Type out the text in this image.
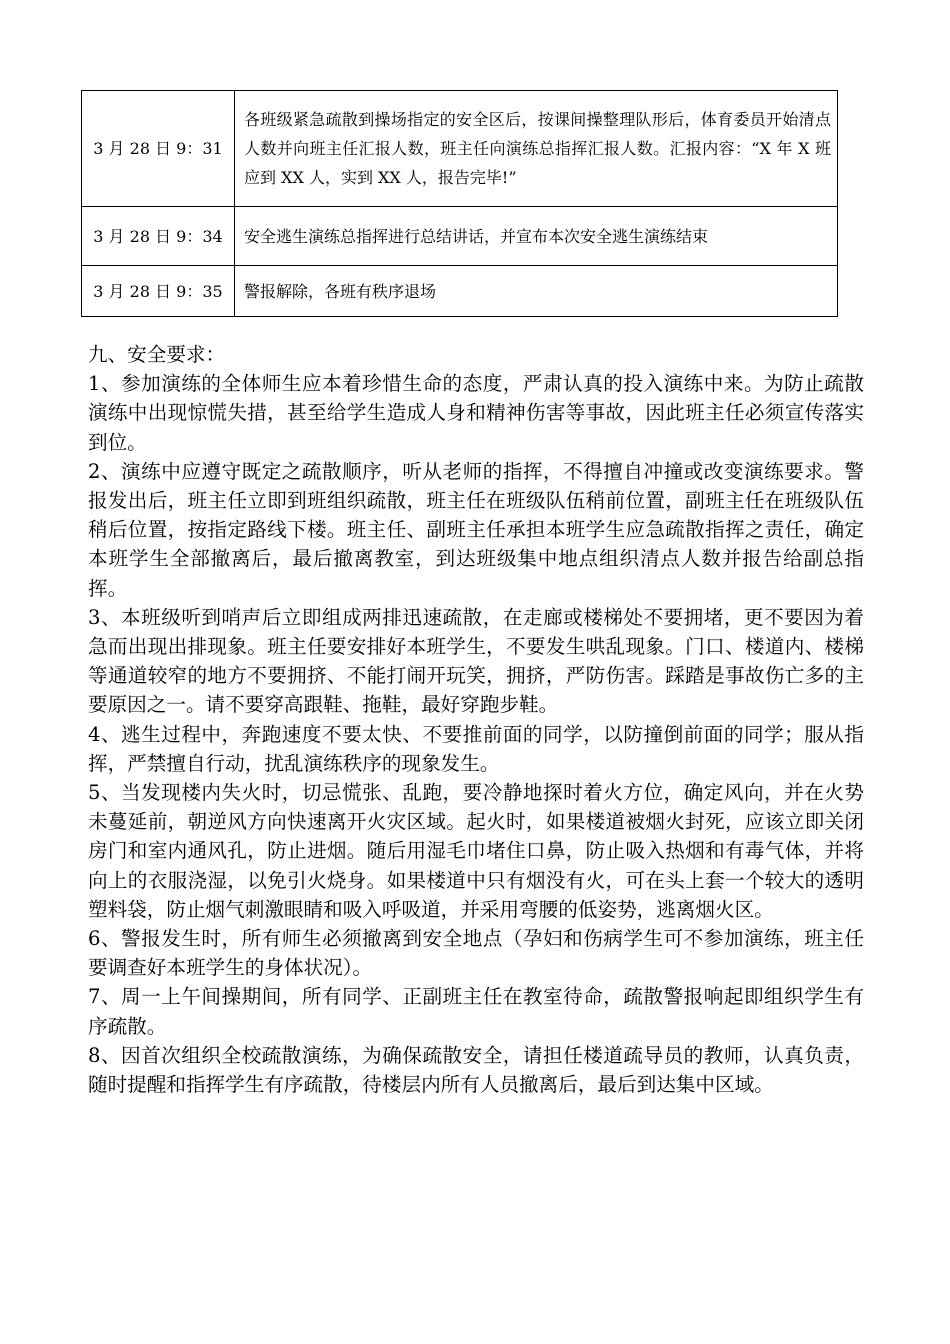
3 月 28 日 9：31	各班级紧急疏散到操场指定的安全区后，按课间操整理队形后，体育委员开始清点人数并向班主任汇报人数，班主任向演练总指挥汇报人数。汇报内容：“X 年 X 班应到 XX 人，实到 XX 人，报告完毕!”
3 月 28 日 9：34	安全逃生演练总指挥进行总结讲话，并宣布本次安全逃生演练结束
3 月 28 日 9：35	警报解除，各班有秩序退场

九、安全要求：

1、参加演练的全体师生应本着珍惜生命的态度，严肃认真的投入演练中来。为防止疏散演练中出现惊慌失措，甚至给学生造成人身和精神伤害等事故，因此班主任必须宣传落实到位。

2、演练中应遵守既定之疏散顺序，听从老师的指挥，不得擅自冲撞或改变演练要求。警报发出后，班主任立即到班组织疏散，班主任在班级队伍稍前位置，副班主任在班级队伍稍后位置，按指定路线下楼。班主任、副班主任承担本班学生应急疏散指挥之责任，确定本班学生全部撤离后，最后撤离教室，到达班级集中地点组织清点人数并报告给副总指挥。

3、本班级听到哨声后立即组成两排迅速疏散，在走廊或楼梯处不要拥堵，更不要因为着急而出现出排现象。班主任要安排好本班学生，不要发生哄乱现象。门口、楼道内、楼梯等通道较窄的地方不要拥挤、不能打闹开玩笑，拥挤，严防伤害。踩踏是事故伤亡多的主要原因之一。请不要穿高跟鞋、拖鞋，最好穿跑步鞋。

4、逃生过程中，奔跑速度不要太快、不要推前面的同学，以防撞倒前面的同学；服从指挥，严禁擅自行动，扰乱演练秩序的现象发生。

5、当发现楼内失火时，切忌慌张、乱跑，要冷静地探时着火方位，确定风向，并在火势未蔓延前，朝逆风方向快速离开火灾区域。起火时，如果楼道被烟火封死，应该立即关闭房门和室内通风孔，防止进烟。随后用湿毛巾堵住口鼻，防止吸入热烟和有毒气体，并将向上的衣服浇湿，以免引火烧身。如果楼道中只有烟没有火，可在头上套一个较大的透明塑料袋，防止烟气刺激眼睛和吸入呼吸道，并采用弯腰的低姿势，逃离烟火区。

6、警报发生时，所有师生必须撤离到安全地点（孕妇和伤病学生可不参加演练，班主任要调查好本班学生的身体状况）。

7、周一上午间操期间，所有同学、正副班主任在教室待命，疏散警报响起即组织学生有序疏散。

8、因首次组织全校疏散演练，为确保疏散安全，请担任楼道疏导员的教师，认真负责，随时提醒和指挥学生有序疏散，待楼层内所有人员撤离后，最后到达集中区域。
